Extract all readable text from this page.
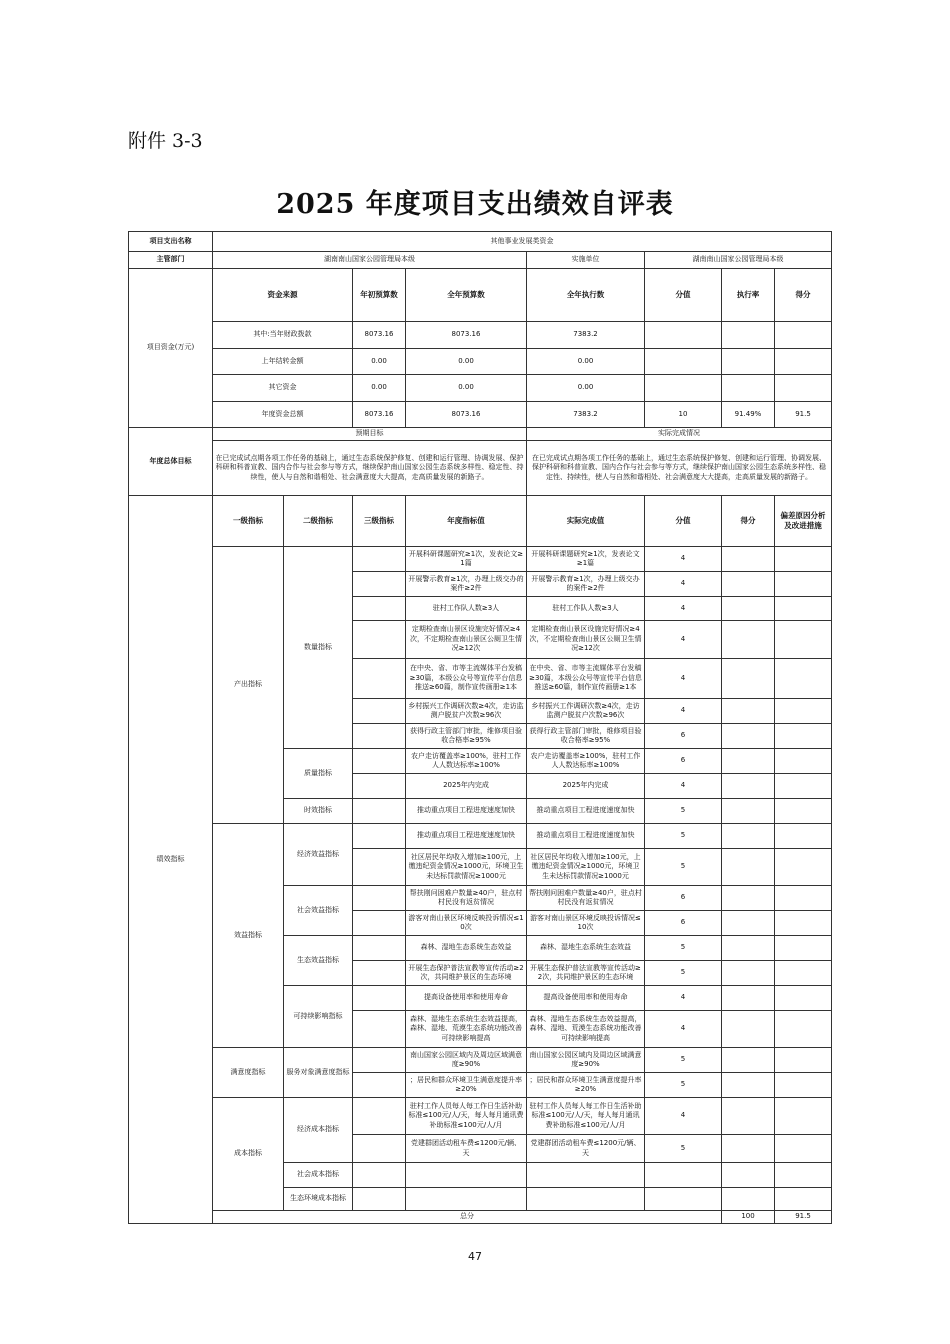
附件 3-3
2025 年度项目支出绩效自评表
项目支出名称	其他事业发展类资金								
主管部门	湖南南山国家公园管理局本级				实施单位	湖南南山国家公园管理局本级			
项目资金(万元)	资金来源		年初预算数	全年预算数	全年执行数	分值	执行率	得分	
	其中:当年财政拨款		8073.16	8073.16	7383.2				
	上年结转金额		0.00	0.00	0.00				
	其它资金		0.00	0.00	0.00				
	年度资金总额		8073.16	8073.16	7383.2	10	91.49%	91.5	
年度总体目标	预期目标				实际完成情况				
	在已完成试点期各项工作任务的基础上，通过生态系统保护修复、创建和运行管理、协调发展、保护科研和科普宣教、国内合作与社会参与等方式，继续保护南山国家公园生态系统多样性、稳定性、持续性，使人与自然和谐相处、社会满意度大大提高，走高质量发展的新路子。				在已完成试点期各项工作任务的基础上，通过生态系统保护修复、创建和运行管理、协调发展、保护科研和科普宣教、国内合作与社会参与等方式，继续保护南山国家公园生态系统多样性、稳定性、持续性，使人与自然和谐相处、社会满意度大大提高，走高质量发展的新路子。				
绩效指标	一级指标	二级指标	三级指标	年度指标值	实际完成值	分值	得分	偏差原因分析及改进措施	
	产出指标	数量指标		开展科研课题研究≥1次，发表论文≥1篇	开展科研课题研究≥1次，发表论文≥1篇	4			
				开展警示教育≥1次，办理上级交办的案件≥2件	开展警示教育≥1次，办理上级交办的案件≥2件	4			
				驻村工作队人数≥3人	驻村工作队人数≥3人	4			
				定期检查南山景区设施完好情况≥4次，不定期检查南山景区公厕卫生情况≥12次	定期检查南山景区设施完好情况≥4次，不定期检查南山景区公厕卫生情况≥12次	4			
				在中央、省、市等主流媒体平台发稿≥30篇，本级公众号等宣传平台信息推送≥60篇，制作宣传画册≥1本	在中央、省、市等主流媒体平台发稿≥30篇，本级公众号等宣传平台信息推送≥60篇，制作宣传画册≥1本	4			
				乡村振兴工作调研次数≥4次，走访监测户脱贫户次数≥96次	乡村振兴工作调研次数≥4次，走访监测户脱贫户次数≥96次	4			
				获得行政主管部门审批，维修项目验收合格率≥95%	获得行政主管部门审批，维修项目验收合格率≥95%	6			
		质量指标		农户走访覆盖率≥100%，驻村工作人人数达标率≥100%	农户走访覆盖率≥100%，驻村工作人人数达标率≥100%	6			
				2025年内完成	2025年内完成	4			
		时效指标		推动重点项目工程进度速度加快	推动重点项目工程进度速度加快	5			
	效益指标	经济效益指标		推动重点项目工程进度速度加快	推动重点项目工程进度速度加快	5			
				社区居民年均收入增加≥100元，上缴违纪资金情况≥1000元，环境卫生未达标罚款情况≥1000元	社区居民年均收入增加≥100元，上缴违纪资金情况≥1000元，环境卫生未达标罚款情况≥1000元	5			
		社会效益指标		帮扶刚问困难户数量≥40户，驻点村村民没有返贫情况	帮扶刚问困难户数量≥40户，驻点村村民没有返贫情况	6			
				游客对南山景区环境反映投诉情况≤10次	游客对南山景区环境反映投诉情况≤10次	6			
		生态效益指标		森林、湿地生态系统生态效益	森林、湿地生态系统生态效益	5			
				开展生态保护普法宣教等宣传活动≥2次，共同维护景区的生态环境	开展生态保护普法宣教等宣传活动≥2次，共同维护景区的生态环境	5			
		可持续影响指标		提高设备使用率和使用寿命	提高设备使用率和使用寿命	4			
				森林、湿地生态系统生态效益提高，森林、湿地、荒漠生态系统功能改善可持续影响提高	森林、湿地生态系统生态效益提高，森林、湿地、荒漠生态系统功能改善可持续影响提高	4			
	满意度指标	服务对象满意度指标		南山国家公园区域内及周边区域满意度≥90%	南山国家公园区域内及周边区域满意度≥90%	5			
				；居民和群众环境卫生满意度提升率≥20%	；居民和群众环境卫生满意度提升率≥20%	5			
	成本指标	经济成本指标		驻村工作人员每人每工作日生活补助标准≤100元/人/天，每人每月通讯费补助标准≤100元/人/月	驻村工作人员每人每工作日生活补助标准≤100元/人/天，每人每月通讯费补助标准≤100元/人/月	4			
				党建群团活动租车费≤1200元/辆、天	党建群团活动租车费≤1200元/辆、天	5			
		社会成本指标							
		生态环境成本指标							
	总分						100	91.5	
47
